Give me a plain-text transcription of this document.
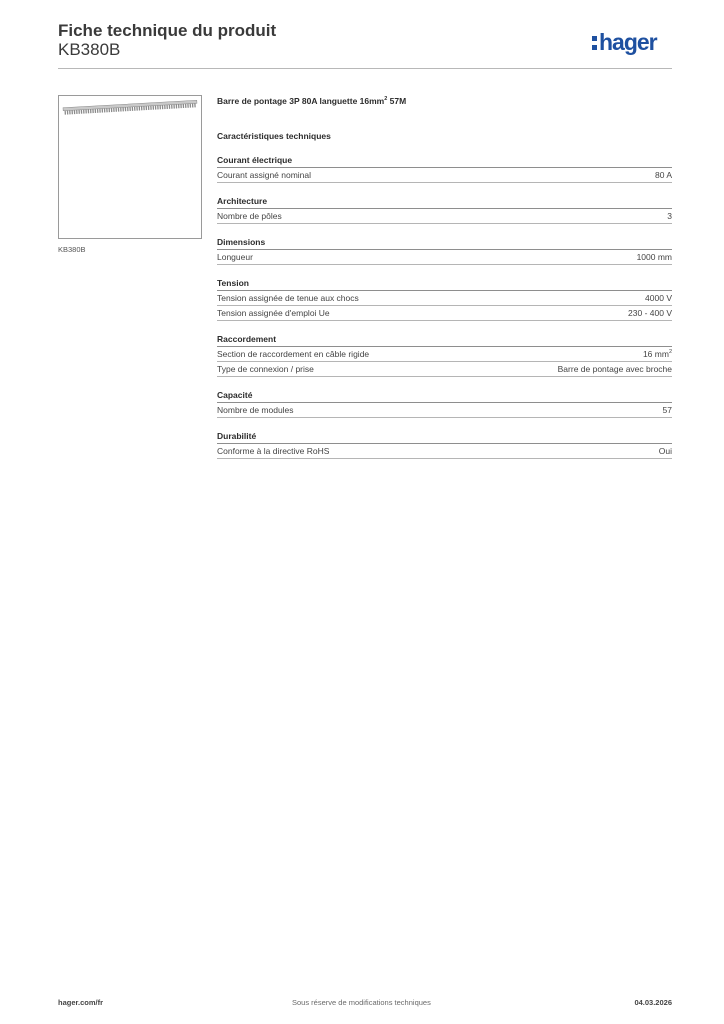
Fiche technique du produit
KB380B	hager
KB380B
Barre de pontage 3P 80A languette $16mm^2$ 57M
Caractéristiques techniques
Courant électrique
Courant assigné nominal	80 A
Architecture
Nombre de pôles	3
Dimensions
Longueur	1000 mm
Tension
Tension assignée de tenue aux chocs	4000 V
Tension assignée d'emploi Ue	230 - 400 V
Raccordement
Section de raccordement en câble rigide	16 $mm^2$
Type de connexion / prise	Barre de pontage avec broche
Capacité
Nombre de modules	57
Durabilité
Conforme à la directive RoHS	Oui
hager.com/fr	Sous réserve de modifications techniques	04.03.2026
